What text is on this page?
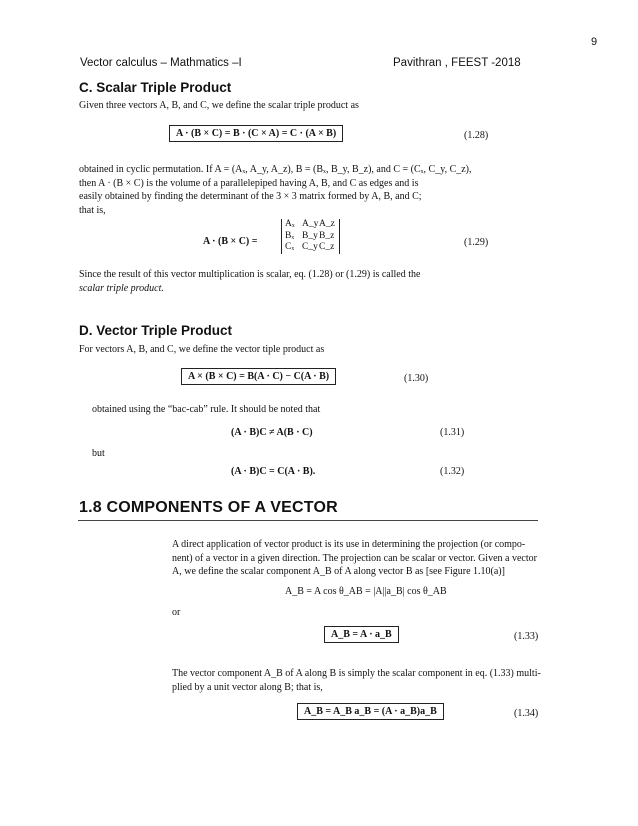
9
Vector calculus – Mathmatics –I	Pavithran , FEEST -2018
C. Scalar Triple Product
Given three vectors A, B, and C, we define the scalar triple product as
A · (B × C) = B · (C × A) = C · (A × B)	(1.28)
obtained in cyclic permutation. If A = (Aₓ, A_y, A_z), B = (Bₓ, B_y, B_z), and C = (Cₓ, C_y, C_z),
then A · (B × C) is the volume of a parallelepiped having A, B, and C as edges and is
easily obtained by finding the determinant of the 3 × 3 matrix formed by A, B, and C;
that is,
A · (B × C) =
Aₓ A_yA_z
Bₓ B_yB_z
Cₓ C_yC_z	(1.29)
Since the result of this vector multiplication is scalar, eq. (1.28) or (1.29) is called the
scalar triple product.
D. Vector Triple Product
For vectors A, B, and C, we define the vector tiple product as
A × (B × C) = B(A · C) − C(A · B)	(1.30)
obtained using the “bac-cab” rule. It should be noted that
(A · B)C ≠ A(B · C)	(1.31)
but
(A · B)C = C(A · B).	(1.32)
1.8 COMPONENTS OF A VECTOR
A direct application of vector product is its use in determining the projection (or compo-
nent) of a vector in a given direction. The projection can be scalar or vector. Given a vector
A, we define the scalar component A_B of A along vector B as [see Figure 1.10(a)]
A_B = A cos θ_AB = |A||a_B| cos θ_AB
or
A_B = A · a_B	(1.33)
The vector component A_B of A along B is simply the scalar component in eq. (1.33) multi-
plied by a unit vector along B; that is,
A_B = A_B a_B = (A · a_B)a_B	(1.34)
